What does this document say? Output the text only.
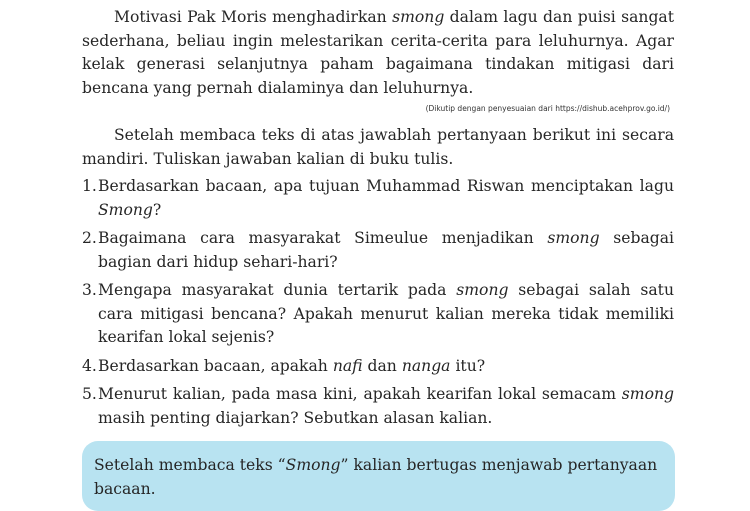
Motivasi Pak Moris menghadirkan smong dalam lagu dan puisi sangat sederhana, beliau ingin melestarikan cerita-cerita para leluhurnya. Agar kelak generasi selanjutnya paham bagaimana tindakan mitigasi dari bencana yang pernah dialaminya dan leluhurnya.

(Dikutip dengan penyesuaian dari https://dishub.acehprov.go.id/)

Setelah membaca teks di atas jawablah pertanyaan berikut ini secara mandiri. Tuliskan jawaban kalian di buku tulis.

1.Berdasarkan bacaan, apa tujuan Muhammad Riswan menciptakan lagu Smong?
2.Bagaimana cara masyarakat Simeulue menjadikan smong sebagai bagian dari hidup sehari-hari?
3.Mengapa masyarakat dunia tertarik pada smong sebagai salah satu cara mitigasi bencana? Apakah menurut kalian mereka tidak memiliki kearifan lokal sejenis?
4.Berdasarkan bacaan, apakah nafi dan nanga itu?
5.Menurut kalian, pada masa kini, apakah kearifan lokal semacam smong masih penting diajarkan? Sebutkan alasan kalian.

Setelah membaca teks “Smong” kalian bertugas menjawab pertanyaan bacaan.
